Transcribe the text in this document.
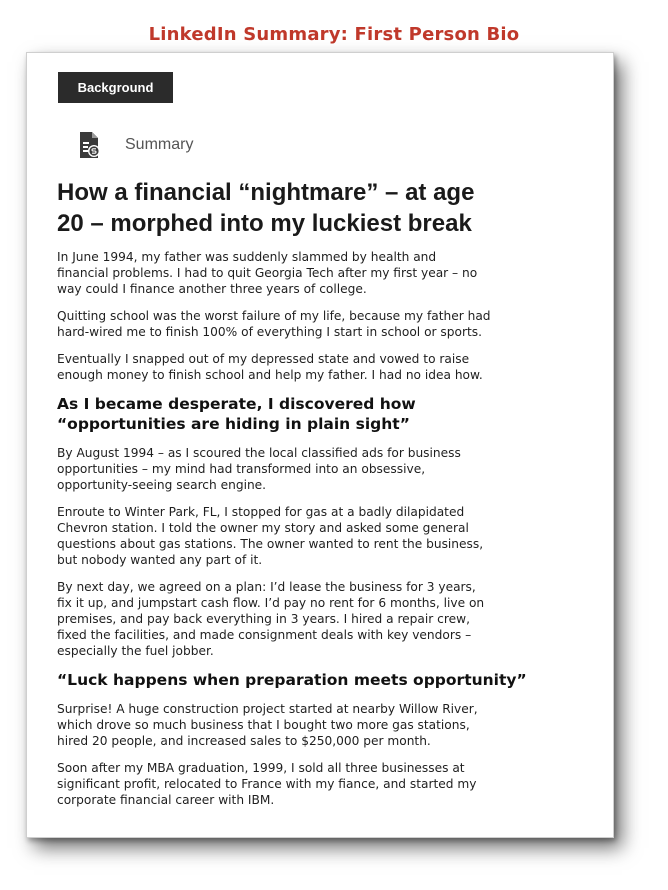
LinkedIn Summary: First Person Bio
Background
Summary
How a financial “nightmare” – at age
20 – morphed into my luckiest break

In June 1994, my father was suddenly slammed by health and
financial problems. I had to quit Georgia Tech after my first year – no
way could I finance another three years of college.

Quitting school was the worst failure of my life, because my father had
hard-wired me to finish 100% of everything I start in school or sports.

Eventually I snapped out of my depressed state and vowed to raise
enough money to finish school and help my father. I had no idea how.

As I became desperate, I discovered how
“opportunities are hiding in plain sight”

By August 1994 – as I scoured the local classified ads for business
opportunities – my mind had transformed into an obsessive,
opportunity-seeing search engine.

Enroute to Winter Park, FL, I stopped for gas at a badly dilapidated
Chevron station. I told the owner my story and asked some general
questions about gas stations. The owner wanted to rent the business,
but nobody wanted any part of it.

By next day, we agreed on a plan: I’d lease the business for 3 years,
fix it up, and jumpstart cash flow. I’d pay no rent for 6 months, live on
premises, and pay back everything in 3 years. I hired a repair crew,
fixed the facilities, and made consignment deals with key vendors –
especially the fuel jobber.

“Luck happens when preparation meets opportunity”

Surprise! A huge construction project started at nearby Willow River,
which drove so much business that I bought two more gas stations,
hired 20 people, and increased sales to $250,000 per month.

Soon after my MBA graduation, 1999, I sold all three businesses at
significant profit, relocated to France with my fiance, and started my
corporate financial career with IBM.
